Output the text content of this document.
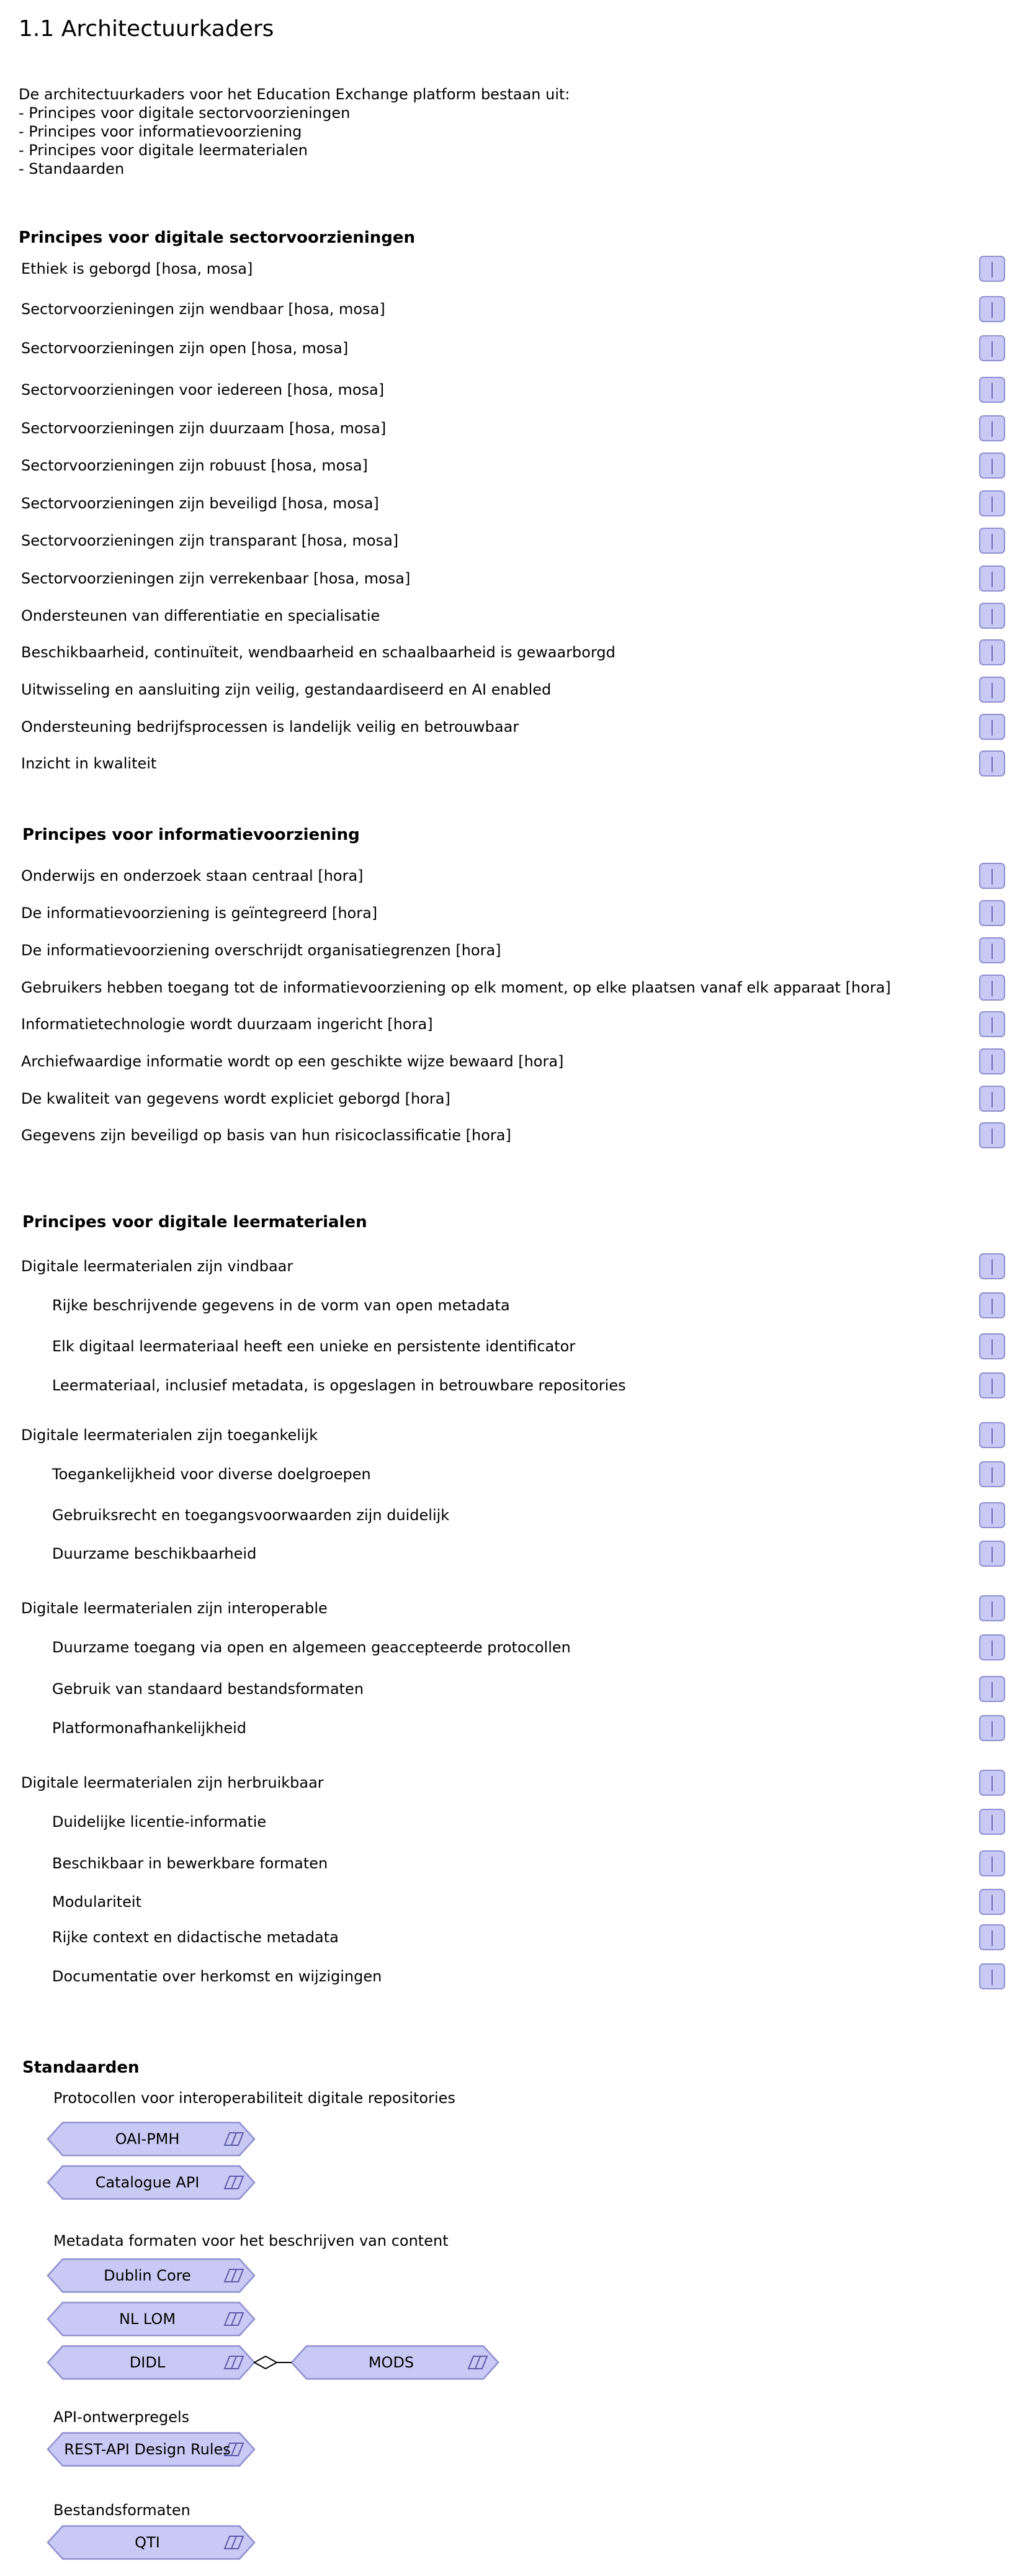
1.1 Architectuurkaders
De architectuurkaders voor het Education Exchange platform bestaan uit:
- Principes voor digitale sectorvoorzieningen
- Principes voor informatievoorziening
- Principes voor digitale leermaterialen
- Standaarden
Principes voor digitale sectorvoorzieningen
Ethiek is geborgd [hosa, mosa]
Sectorvoorzieningen zijn wendbaar [hosa, mosa]
Sectorvoorzieningen zijn open [hosa, mosa]
Sectorvoorzieningen voor iedereen [hosa, mosa]
Sectorvoorzieningen zijn duurzaam [hosa, mosa]
Sectorvoorzieningen zijn robuust [hosa, mosa]
Sectorvoorzieningen zijn beveiligd [hosa, mosa]
Sectorvoorzieningen zijn transparant [hosa, mosa]
Sectorvoorzieningen zijn verrekenbaar [hosa, mosa]
Ondersteunen van differentiatie en specialisatie
Beschikbaarheid, continuïteit, wendbaarheid en schaalbaarheid is gewaarborgd
Uitwisseling en aansluiting zijn veilig, gestandaardiseerd en AI enabled
Ondersteuning bedrijfsprocessen is landelijk veilig en betrouwbaar
Inzicht in kwaliteit
Principes voor informatievoorziening
Onderwijs en onderzoek staan centraal [hora]
De informatievoorziening is geïntegreerd [hora]
De informatievoorziening overschrijdt organisatiegrenzen [hora]
Gebruikers hebben toegang tot de informatievoorziening op elk moment, op elke plaatsen vanaf elk apparaat [hora]
Informatietechnologie wordt duurzaam ingericht [hora]
Archiefwaardige informatie wordt op een geschikte wijze bewaard [hora]
De kwaliteit van gegevens wordt expliciet geborgd [hora]
Gegevens zijn beveiligd op basis van hun risicoclassificatie [hora]
Principes voor digitale leermaterialen
Digitale leermaterialen zijn vindbaar
Rijke beschrijvende gegevens in de vorm van open metadata
Elk digitaal leermateriaal heeft een unieke en persistente identificator
Leermateriaal, inclusief metadata, is opgeslagen in betrouwbare repositories
Digitale leermaterialen zijn toegankelijk
Toegankelijkheid voor diverse doelgroepen
Gebruiksrecht en toegangsvoorwaarden zijn duidelijk
Duurzame beschikbaarheid
Digitale leermaterialen zijn interoperable
Duurzame toegang via open en algemeen geaccepteerde protocollen
Gebruik van standaard bestandsformaten
Platformonafhankelijkheid
Digitale leermaterialen zijn herbruikbaar
Duidelijke licentie-informatie
Beschikbaar in bewerkbare formaten
Modulariteit
Rijke context en didactische metadata
Documentatie over herkomst en wijzigingen
Standaarden
OAI-PMH
Catalogue API
Dublin Core
NL LOM
DIDL	MODS
REST-API Design Rules
QTI
Protocollen voor interoperabiliteit digitale repositories
Metadata formaten voor het beschrijven van content
API-ontwerpregels
Bestandsformaten
